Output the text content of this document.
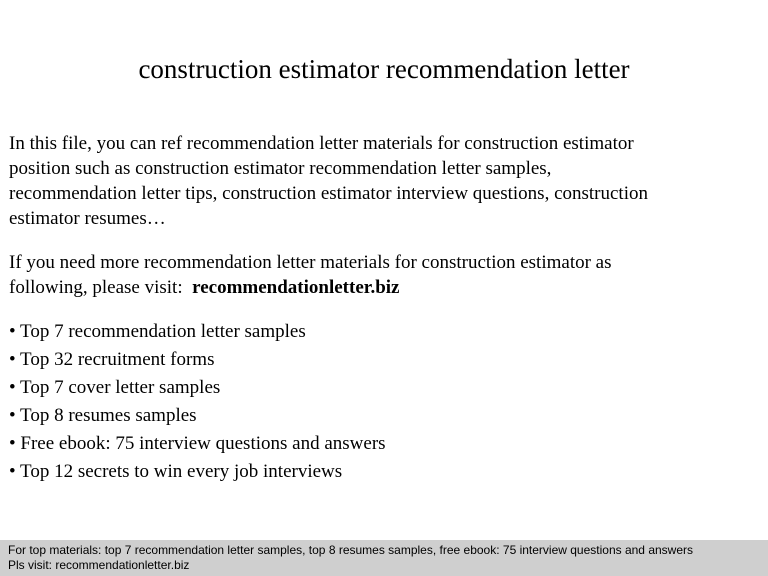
construction estimator recommendation letter
In this file, you can ref recommendation letter materials for construction estimator
position such as construction estimator recommendation letter samples,
recommendation letter tips, construction estimator interview questions, construction
estimator resumes…
If you need more recommendation letter materials for construction estimator as
following, please visit:  recommendationletter.biz
• Top 7 recommendation letter samples
• Top 32 recruitment forms
• Top 7 cover letter samples
• Top 8 resumes samples
• Free ebook: 75 interview questions and answers
• Top 12 secrets to win every job interviews
For top materials: top 7 recommendation letter samples, top 8 resumes samples, free ebook: 75 interview questions and answers
Pls visit: recommendationletter.biz
